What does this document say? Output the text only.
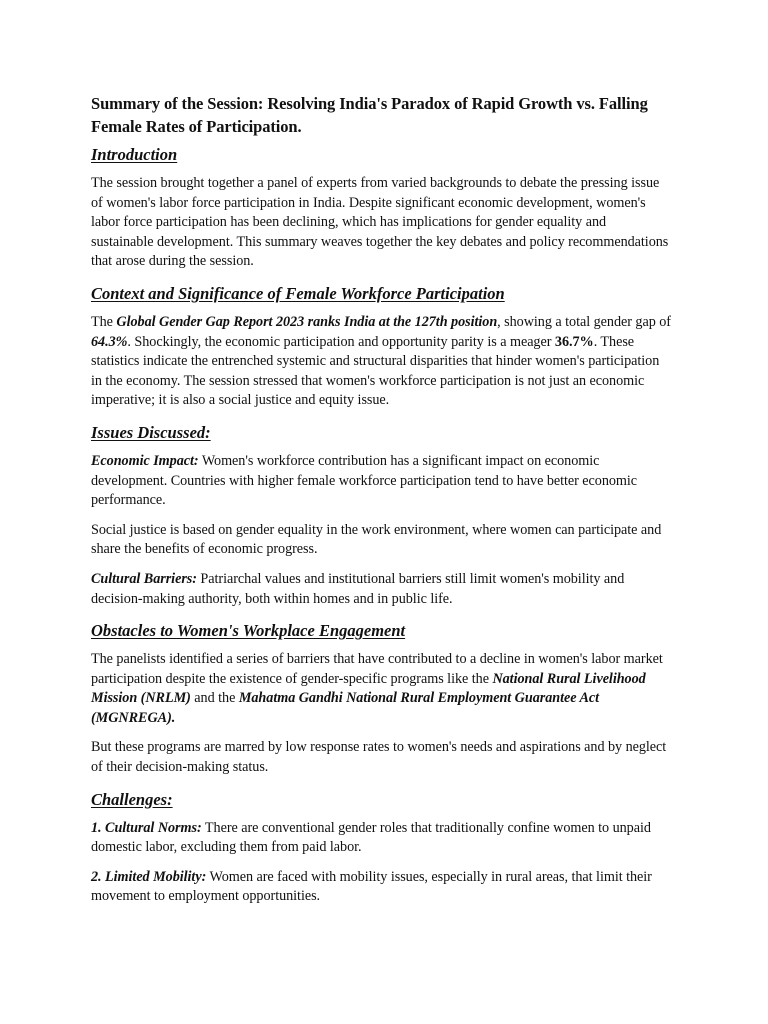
Summary of the Session: Resolving India's Paradox of Rapid Growth vs. Falling Female Rates of Participation.
Introduction

The session brought together a panel of experts from varied backgrounds to debate the pressing issue of women's labor force participation in India. Despite significant economic development, women's labor force participation has been declining, which has implications for gender equality and sustainable development. This summary weaves together the key debates and policy recommendations that arose during the session.

Context and Significance of Female Workforce Participation

The Global Gender Gap Report 2023 ranks India at the 127th position, showing a total gender gap of 64.3%. Shockingly, the economic participation and opportunity parity is a meager 36.7%. These statistics indicate the entrenched systemic and structural disparities that hinder women's participation in the economy. The session stressed that women's workforce participation is not just an economic imperative; it is also a social justice and equity issue.

Issues Discussed:

Economic Impact: Women's workforce contribution has a significant impact on economic development. Countries with higher female workforce participation tend to have better economic performance.

Social justice is based on gender equality in the work environment, where women can participate and share the benefits of economic progress.

Cultural Barriers: Patriarchal values and institutional barriers still limit women's mobility and decision-making authority, both within homes and in public life.

Obstacles to Women's Workplace Engagement

The panelists identified a series of barriers that have contributed to a decline in women's labor market participation despite the existence of gender-specific programs like the National Rural Livelihood Mission (NRLM) and the Mahatma Gandhi National Rural Employment Guarantee Act (MGNREGA).

But these programs are marred by low response rates to women's needs and aspirations and by neglect of their decision-making status.

Challenges:

1. Cultural Norms: There are conventional gender roles that traditionally confine women to unpaid domestic labor, excluding them from paid labor.

2. Limited Mobility: Women are faced with mobility issues, especially in rural areas, that limit their movement to employment opportunities.
